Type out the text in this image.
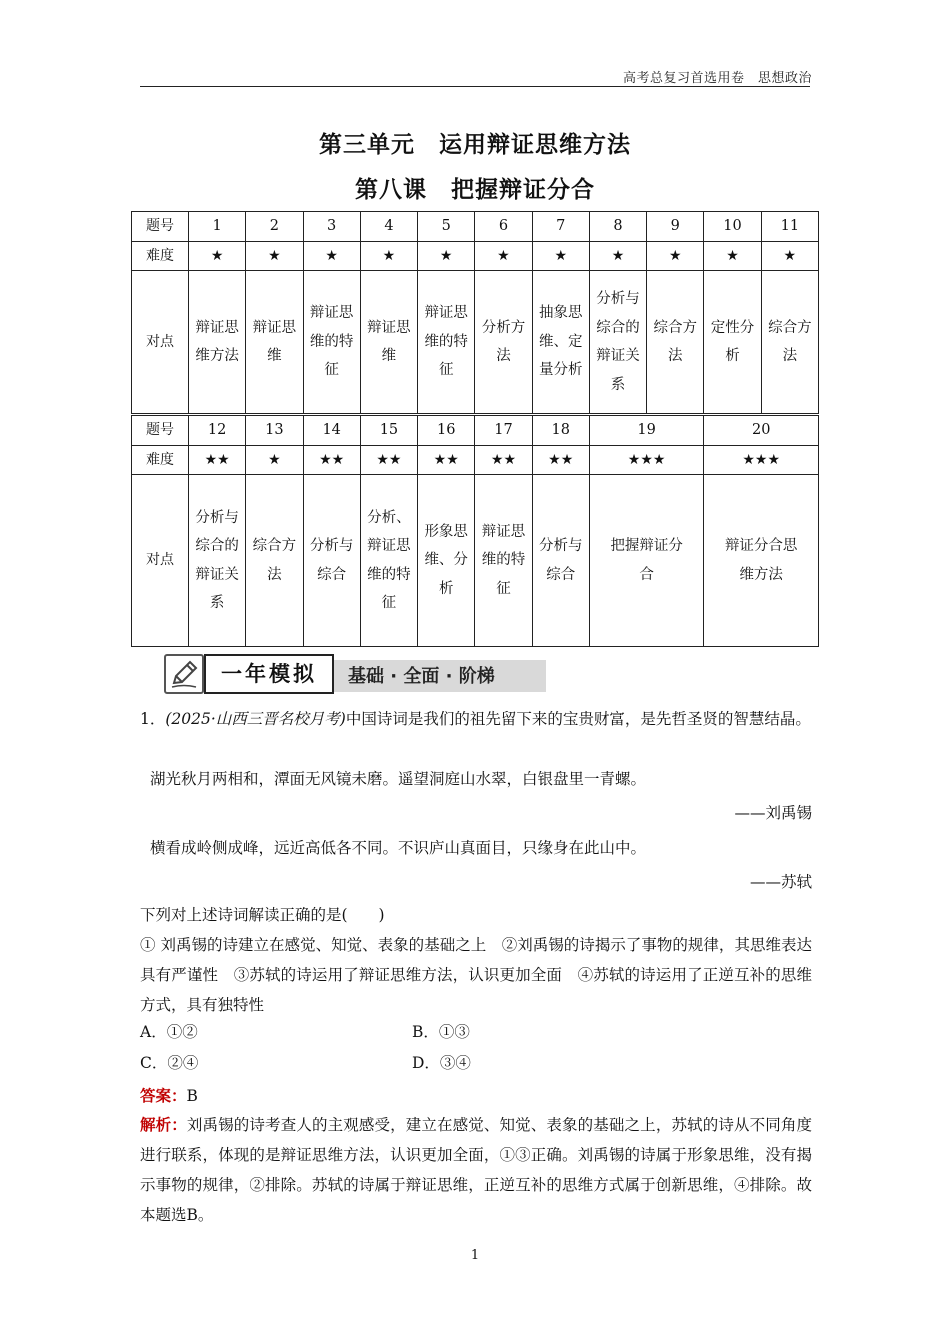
高考总复习首选用卷　思想政治
第三单元　运用辩证思维方法
第八课　把握辩证分合
题号	1	2	3	4	5	6	7	8	9	10	11
难度	★	★	★	★	★	★	★	★	★	★	★
对点	辩证思维方法	辩证思维	辩证思维的特征	辩证思维	辩证思维的特征	分析方法	抽象思维、定量分析	分析与综合的辩证关系	综合方法	定性分析	综合方法
题号	12	13	14	15	16	17	18	19		20	
难度	★★	★	★★	★★	★★	★★	★★	★★★		★★★	
对点	分析与综合的辩证关系	综合方法	分析与综合	分析、辩证思维的特征	形象思维、分析	辩证思维的特征	分析与综合	把握辩证分合		辩证分合思维方法	
一年模拟	基础 · 全面 · 阶梯
1．(2025·山西三晋名校月考)中国诗词是我们的祖先留下来的宝贵财富，是先哲圣贤的智慧结晶。
湖光秋月两相和，潭面无风镜未磨。遥望洞庭山水翠，白银盘里一青螺。
——刘禹锡
横看成岭侧成峰，远近高低各不同。不识庐山真面目，只缘身在此山中。
——苏轼
下列对上述诗词解读正确的是(　　)
① 刘禹锡的诗建立在感觉、知觉、表象的基础之上　②刘禹锡的诗揭示了事物的规律，其思维表达具有严谨性　③苏轼的诗运用了辩证思维方法，认识更加全面　④苏轼的诗运用了正逆互补的思维方式，具有独特性
A．①②	B．①③
C．②④	D．③④
答案：B
解析：刘禹锡的诗考查人的主观感受，建立在感觉、知觉、表象的基础之上，苏轼的诗从不同角度进行联系，体现的是辩证思维方法，认识更加全面，①③正确。刘禹锡的诗属于形象思维，没有揭示事物的规律，②排除。苏轼的诗属于辩证思维，正逆互补的思维方式属于创新思维，④排除。故本题选B。
1
